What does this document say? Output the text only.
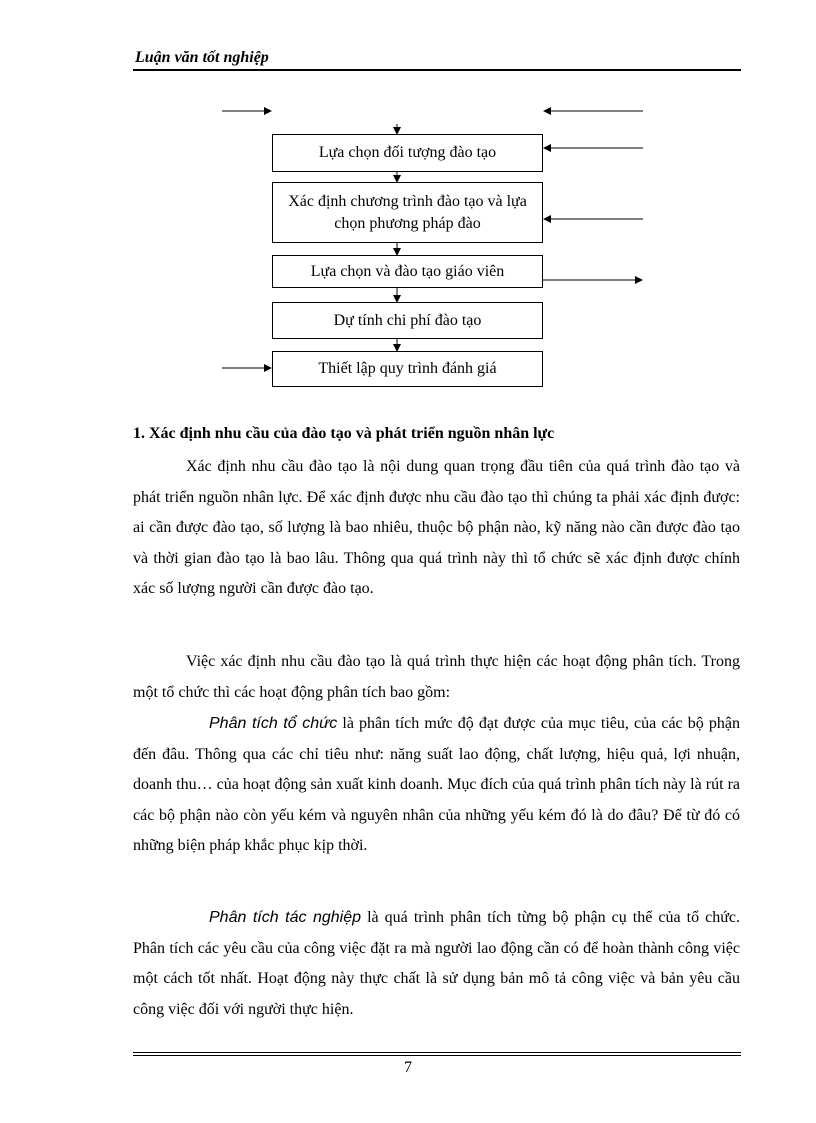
Luận văn tốt nghiệp
Lựa chọn đối tượng đào tạo
Xác định chương trình đào tạo và lựa chọn phương pháp đào
Lựa chọn và đào tạo giáo viên
Dự tính chi phí đào tạo
Thiết lập quy trình đánh giá
1. Xác định nhu cầu của đào tạo và phát triển nguồn nhân lực

Xác định nhu cầu đào tạo là nội dung quan trọng đầu tiên của quá trình đào tạo và phát triển nguồn nhân lực. Để xác định được nhu cầu đào tạo thì chúng ta phải xác định được: ai cần được đào tạo, số lượng là bao nhiêu, thuộc bộ phận nào, kỹ năng nào cần được đào tạo và thời gian đào tạo là bao lâu. Thông qua quá trình này thì tổ chức sẽ xác định được chính xác số lượng người cần được đào tạo.

Việc xác định nhu cầu đào tạo là quá trình thực hiện các hoạt động phân tích. Trong một tổ chức thì các hoạt động phân tích bao gồm:

Phân tích tổ chức là phân tích mức độ đạt được của mục tiêu, của các bộ phận đến đâu. Thông qua các chỉ tiêu như: năng suất lao động, chất lượng, hiệu quả, lợi nhuận, doanh thu… của hoạt động sản xuất kinh doanh. Mục đích của quá trình phân tích này là rút ra các bộ phận nào còn yếu kém và nguyên nhân của những yếu kém đó là do đâu? Để từ đó có những biện pháp khắc phục kịp thời.

Phân tích tác nghiệp là quá trình phân tích từng bộ phận cụ thể của tổ chức. Phân tích các yêu cầu của công việc đặt ra mà người lao động cần có để hoàn thành công việc một cách tốt nhất. Hoạt động này thực chất là sử dụng bản mô tả công việc và bản yêu cầu công việc đối với người thực hiện.

7
